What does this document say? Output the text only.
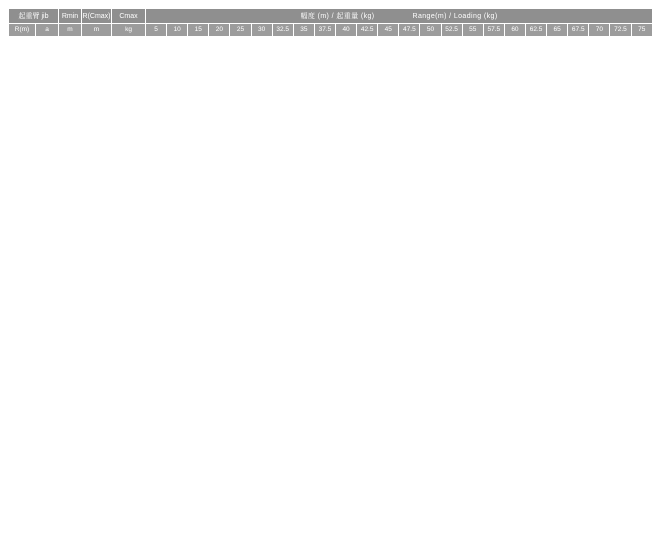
起重臂 jib		Rmin	R(Cmax)	Cmax	幅度 (m) / 起重量 (kg) Range(m) / Loading (kg)																							
R(m)	a	m	m	kg	5	10	15	20	25	30	32.5	35	37.5	40	42.5	45	47.5	50	52.5	55	57.5	60	62.5	65	67.5	70	72.5	75
